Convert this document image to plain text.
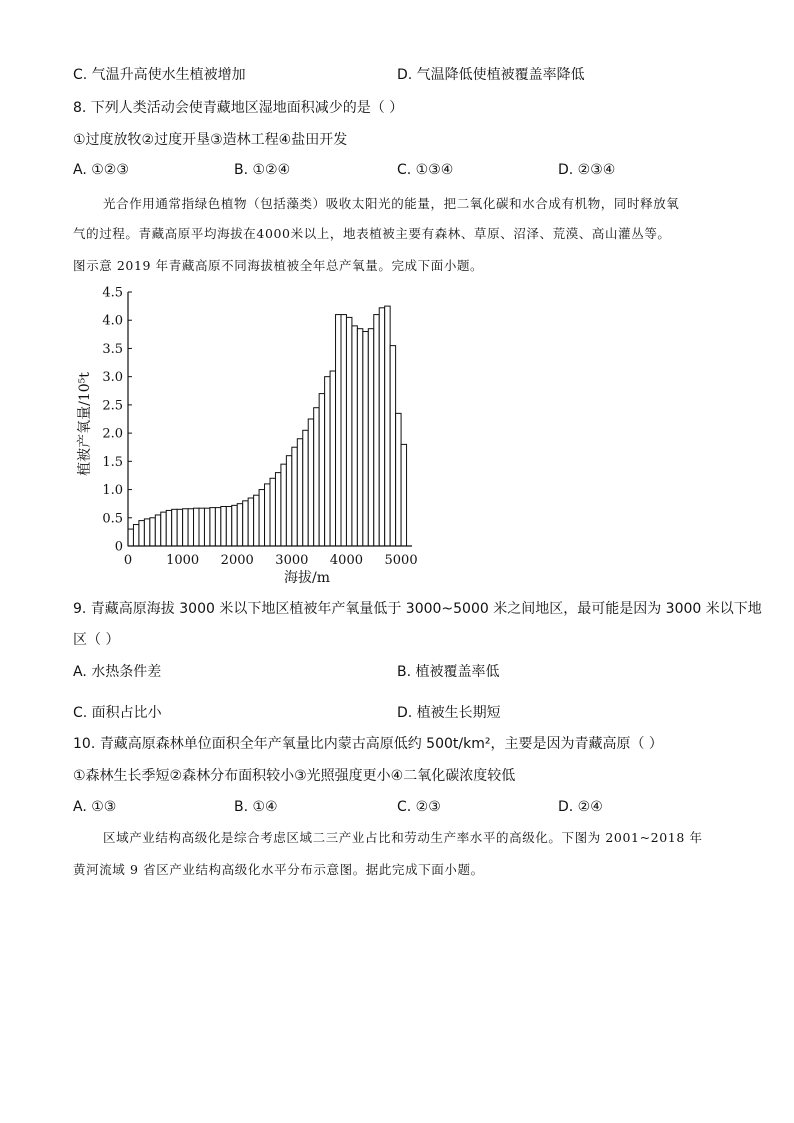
C. 气温升高使水生植被增加	D. 气温降低使植被覆盖率降低
8. 下列人类活动会使青藏地区湿地面积减少的是（ ）
①过度放牧②过度开垦③造林工程④盐田开发
A. ①②③	B. ①②④	C. ①③④	D. ②③④
光合作用通常指绿色植物（包括藻类）吸收太阳光的能量，把二氧化碳和水合成有机物，同时释放氧
气的过程。青藏高原平均海拔在4000米以上，地表植被主要有森林、草原、沼泽、荒漠、高山灌丛等。
图示意 2019 年青藏高原不同海拔植被全年总产氧量。完成下面小题。
0
0.5
1.0
1.5
2.0
2.5
3.0
3.5
4.0
4.5
0	1000 2000 3000 4000 5000
海拔/m
植被产氧量/10⁵t
9. 青藏高原海拔 3000 米以下地区植被年产氧量低于 3000~5000 米之间地区，最可能是因为 3000 米以下地
区（ ）
A. 水热条件差	B. 植被覆盖率低
C. 面积占比小	D. 植被生长期短
10. 青藏高原森林单位面积全年产氧量比内蒙古高原低约 500t/km²，主要是因为青藏高原（ ）
①森林生长季短②森林分布面积较小③光照强度更小④二氧化碳浓度较低
A. ①③	B. ①④	C. ②③	D. ②④
区域产业结构高级化是综合考虑区域二三产业占比和劳动生产率水平的高级化。下图为 2001~2018 年
黄河流域 9 省区产业结构高级化水平分布示意图。据此完成下面小题。
